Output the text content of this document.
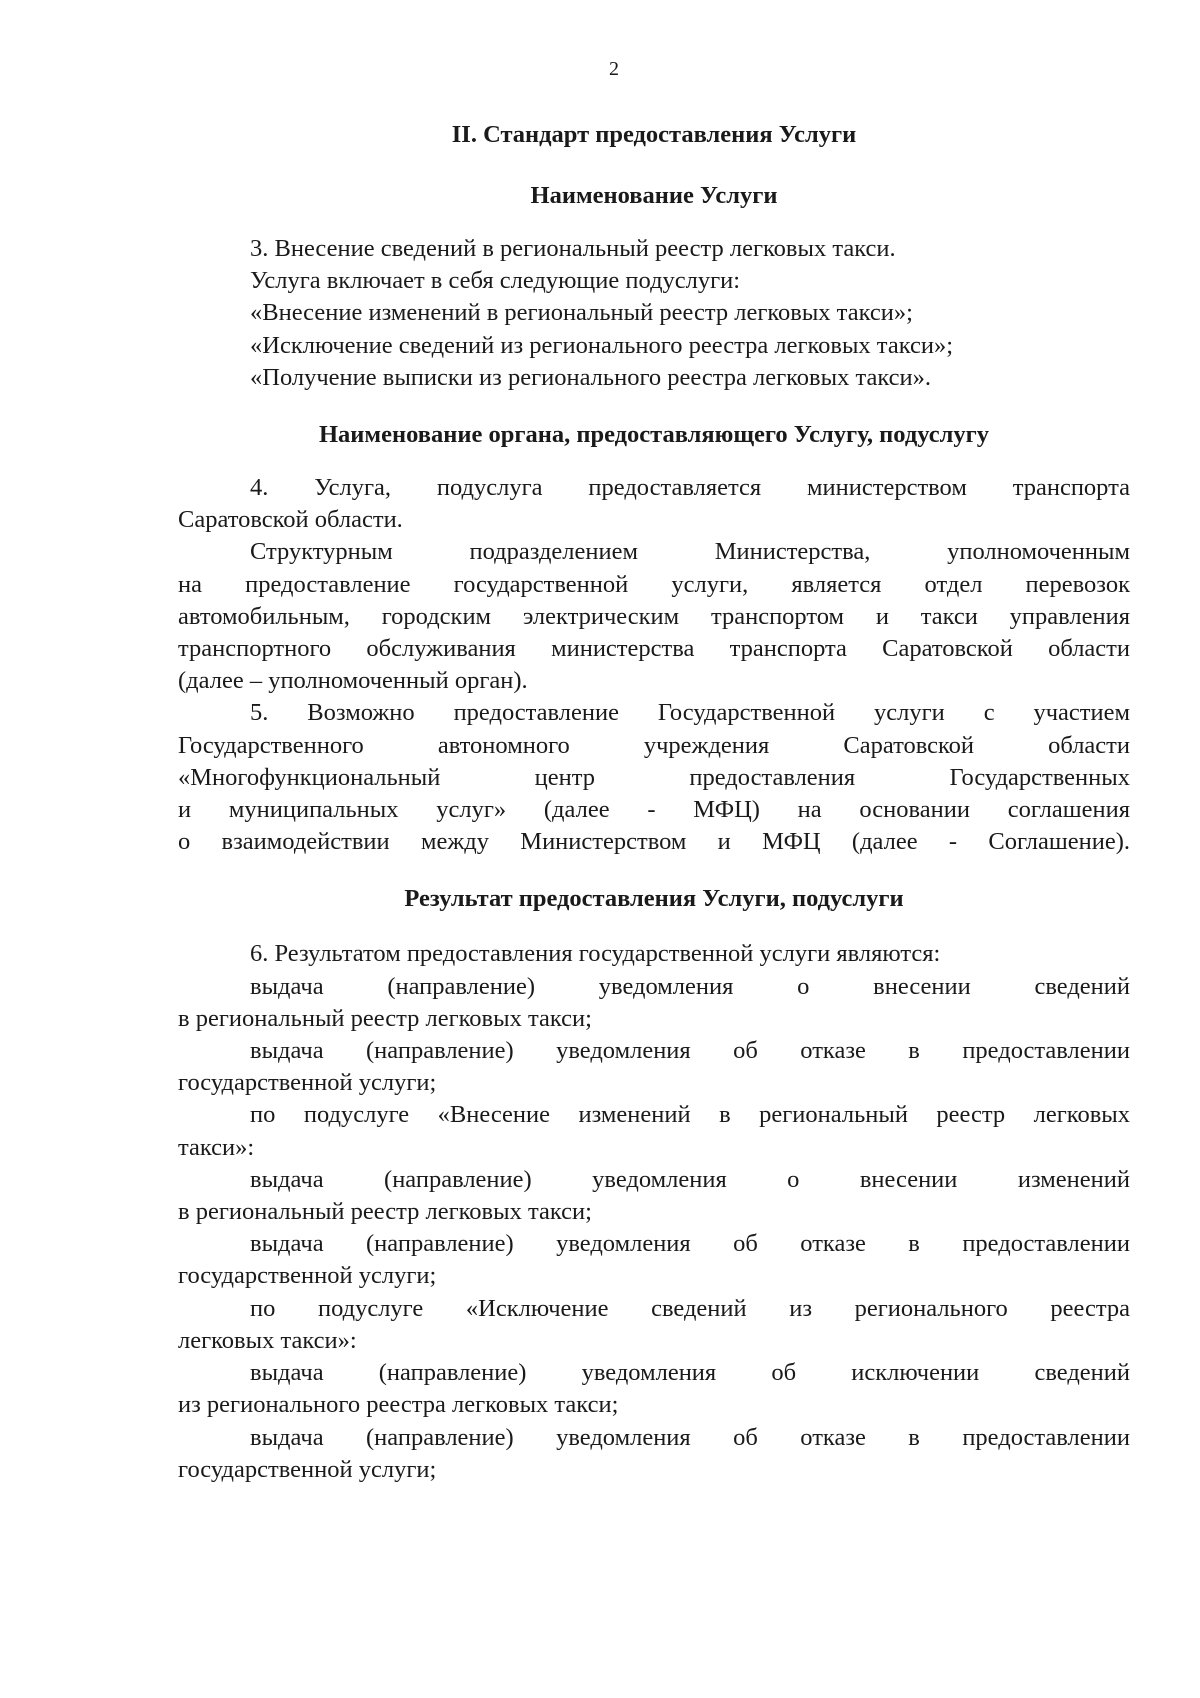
2
II. Стандарт предоставления Услуги
Наименование Услуги

3. Внесение сведений в региональный реестр легковых такси.

Услуга включает в себя следующие подуслуги:

«Внесение изменений в региональный реестр легковых такси»;

«Исключение сведений из регионального реестра легковых такси»;

«Получение выписки из регионального реестра легковых такси».

Наименование органа, предоставляющего Услугу, подуслугу

4. Услуга, подуслуга предоставляется министерством транспорта

Саратовской области.

Структурным подразделением Министерства, уполномоченным

на предоставление государственной услуги, является отдел перевозок

автомобильным, городским электрическим транспортом и такси управления

транспортного обслуживания министерства транспорта Саратовской области

(далее – уполномоченный орган).

5. Возможно предоставление Государственной услуги с участием

Государственного автономного учреждения Саратовской области

«Многофункциональный центр предоставления Государственных

и муниципальных услуг» (далее - МФЦ) на основании соглашения

о взаимодействии между Министерством и МФЦ (далее - Соглашение).

Результат предоставления Услуги, подуслуги

6. Результатом предоставления государственной услуги являются:

выдача (направление) уведомления о внесении сведений

в региональный реестр легковых такси;

выдача (направление) уведомления об отказе в предоставлении

государственной услуги;

по подуслуге «Внесение изменений в региональный реестр легковых

такси»:

выдача (направление) уведомления о внесении изменений

в региональный реестр легковых такси;

выдача (направление) уведомления об отказе в предоставлении

государственной услуги;

по подуслуге «Исключение сведений из регионального реестра

легковых такси»:

выдача (направление) уведомления об исключении сведений

из регионального реестра легковых такси;

выдача (направление) уведомления об отказе в предоставлении

государственной услуги;
